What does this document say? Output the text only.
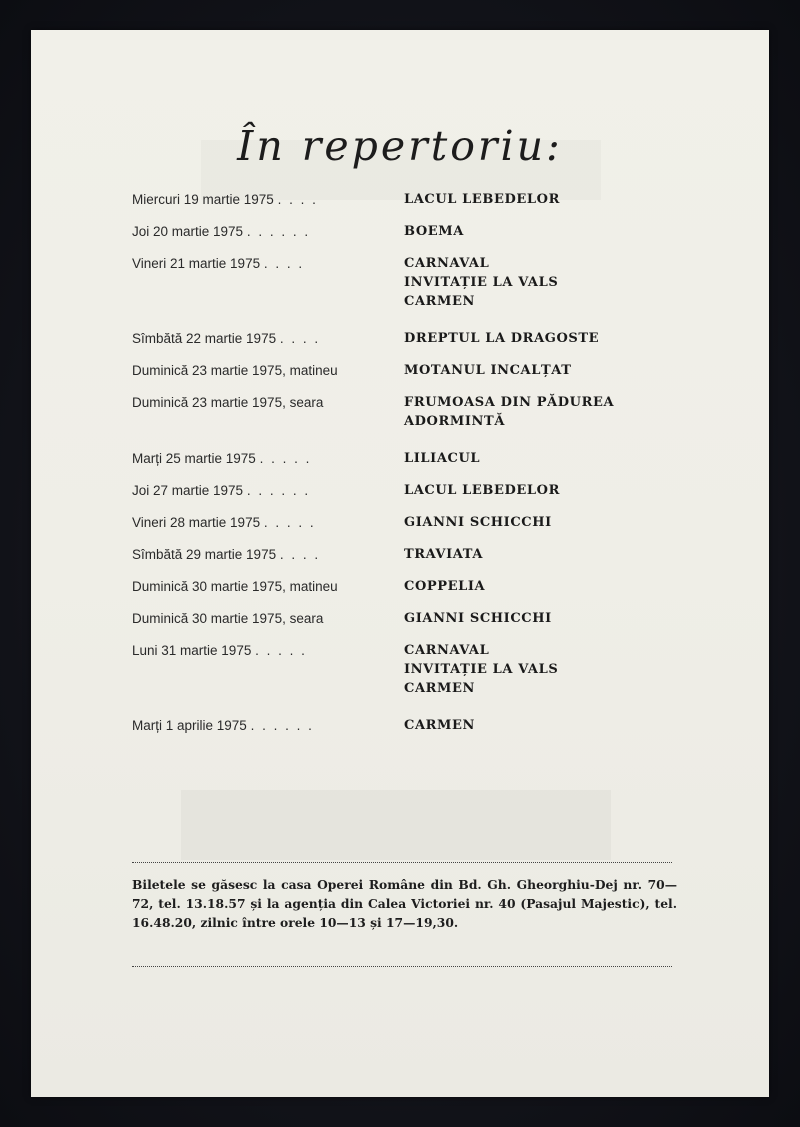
În repertoriu:
Miercuri 19 martie 1975 . . . .	LACUL LEBEDELOR
Joi 20 martie 1975 . . . . . .	BOEMA
Vineri 21 martie 1975 . . . .	CARNAVAL
INVITAȚIE LA VALS
CARMEN
Sîmbătă 22 martie 1975 . . . .	DREPTUL LA DRAGOSTE
Duminică 23 martie 1975, matineu	MOTANUL INCALȚAT
Duminică 23 martie 1975, seara	FRUMOASA DIN PĂDUREA
ADORMINTĂ
Marți 25 martie 1975 . . . . .	LILIACUL
Joi 27 martie 1975 . . . . . .	LACUL LEBEDELOR
Vineri 28 martie 1975 . . . . .	GIANNI SCHICCHI
Sîmbătă 29 martie 1975 . . . .	TRAVIATA
Duminică 30 martie 1975, matineu	COPPELIA
Duminică 30 martie 1975, seara	GIANNI SCHICCHI
Luni 31 martie 1975 . . . . .	CARNAVAL
INVITAȚIE LA VALS
CARMEN
Marți 1 aprilie 1975 . . . . . .	CARMEN

Biletele se găsesc la casa Operei Române din Bd. Gh. Gheorghiu-Dej nr. 70—72, tel. 13.18.57 și la agenția din Calea Victoriei nr. 40 (Pasajul Majestic), tel. 16.48.20, zilnic între orele 10—13 și 17—19,30.
